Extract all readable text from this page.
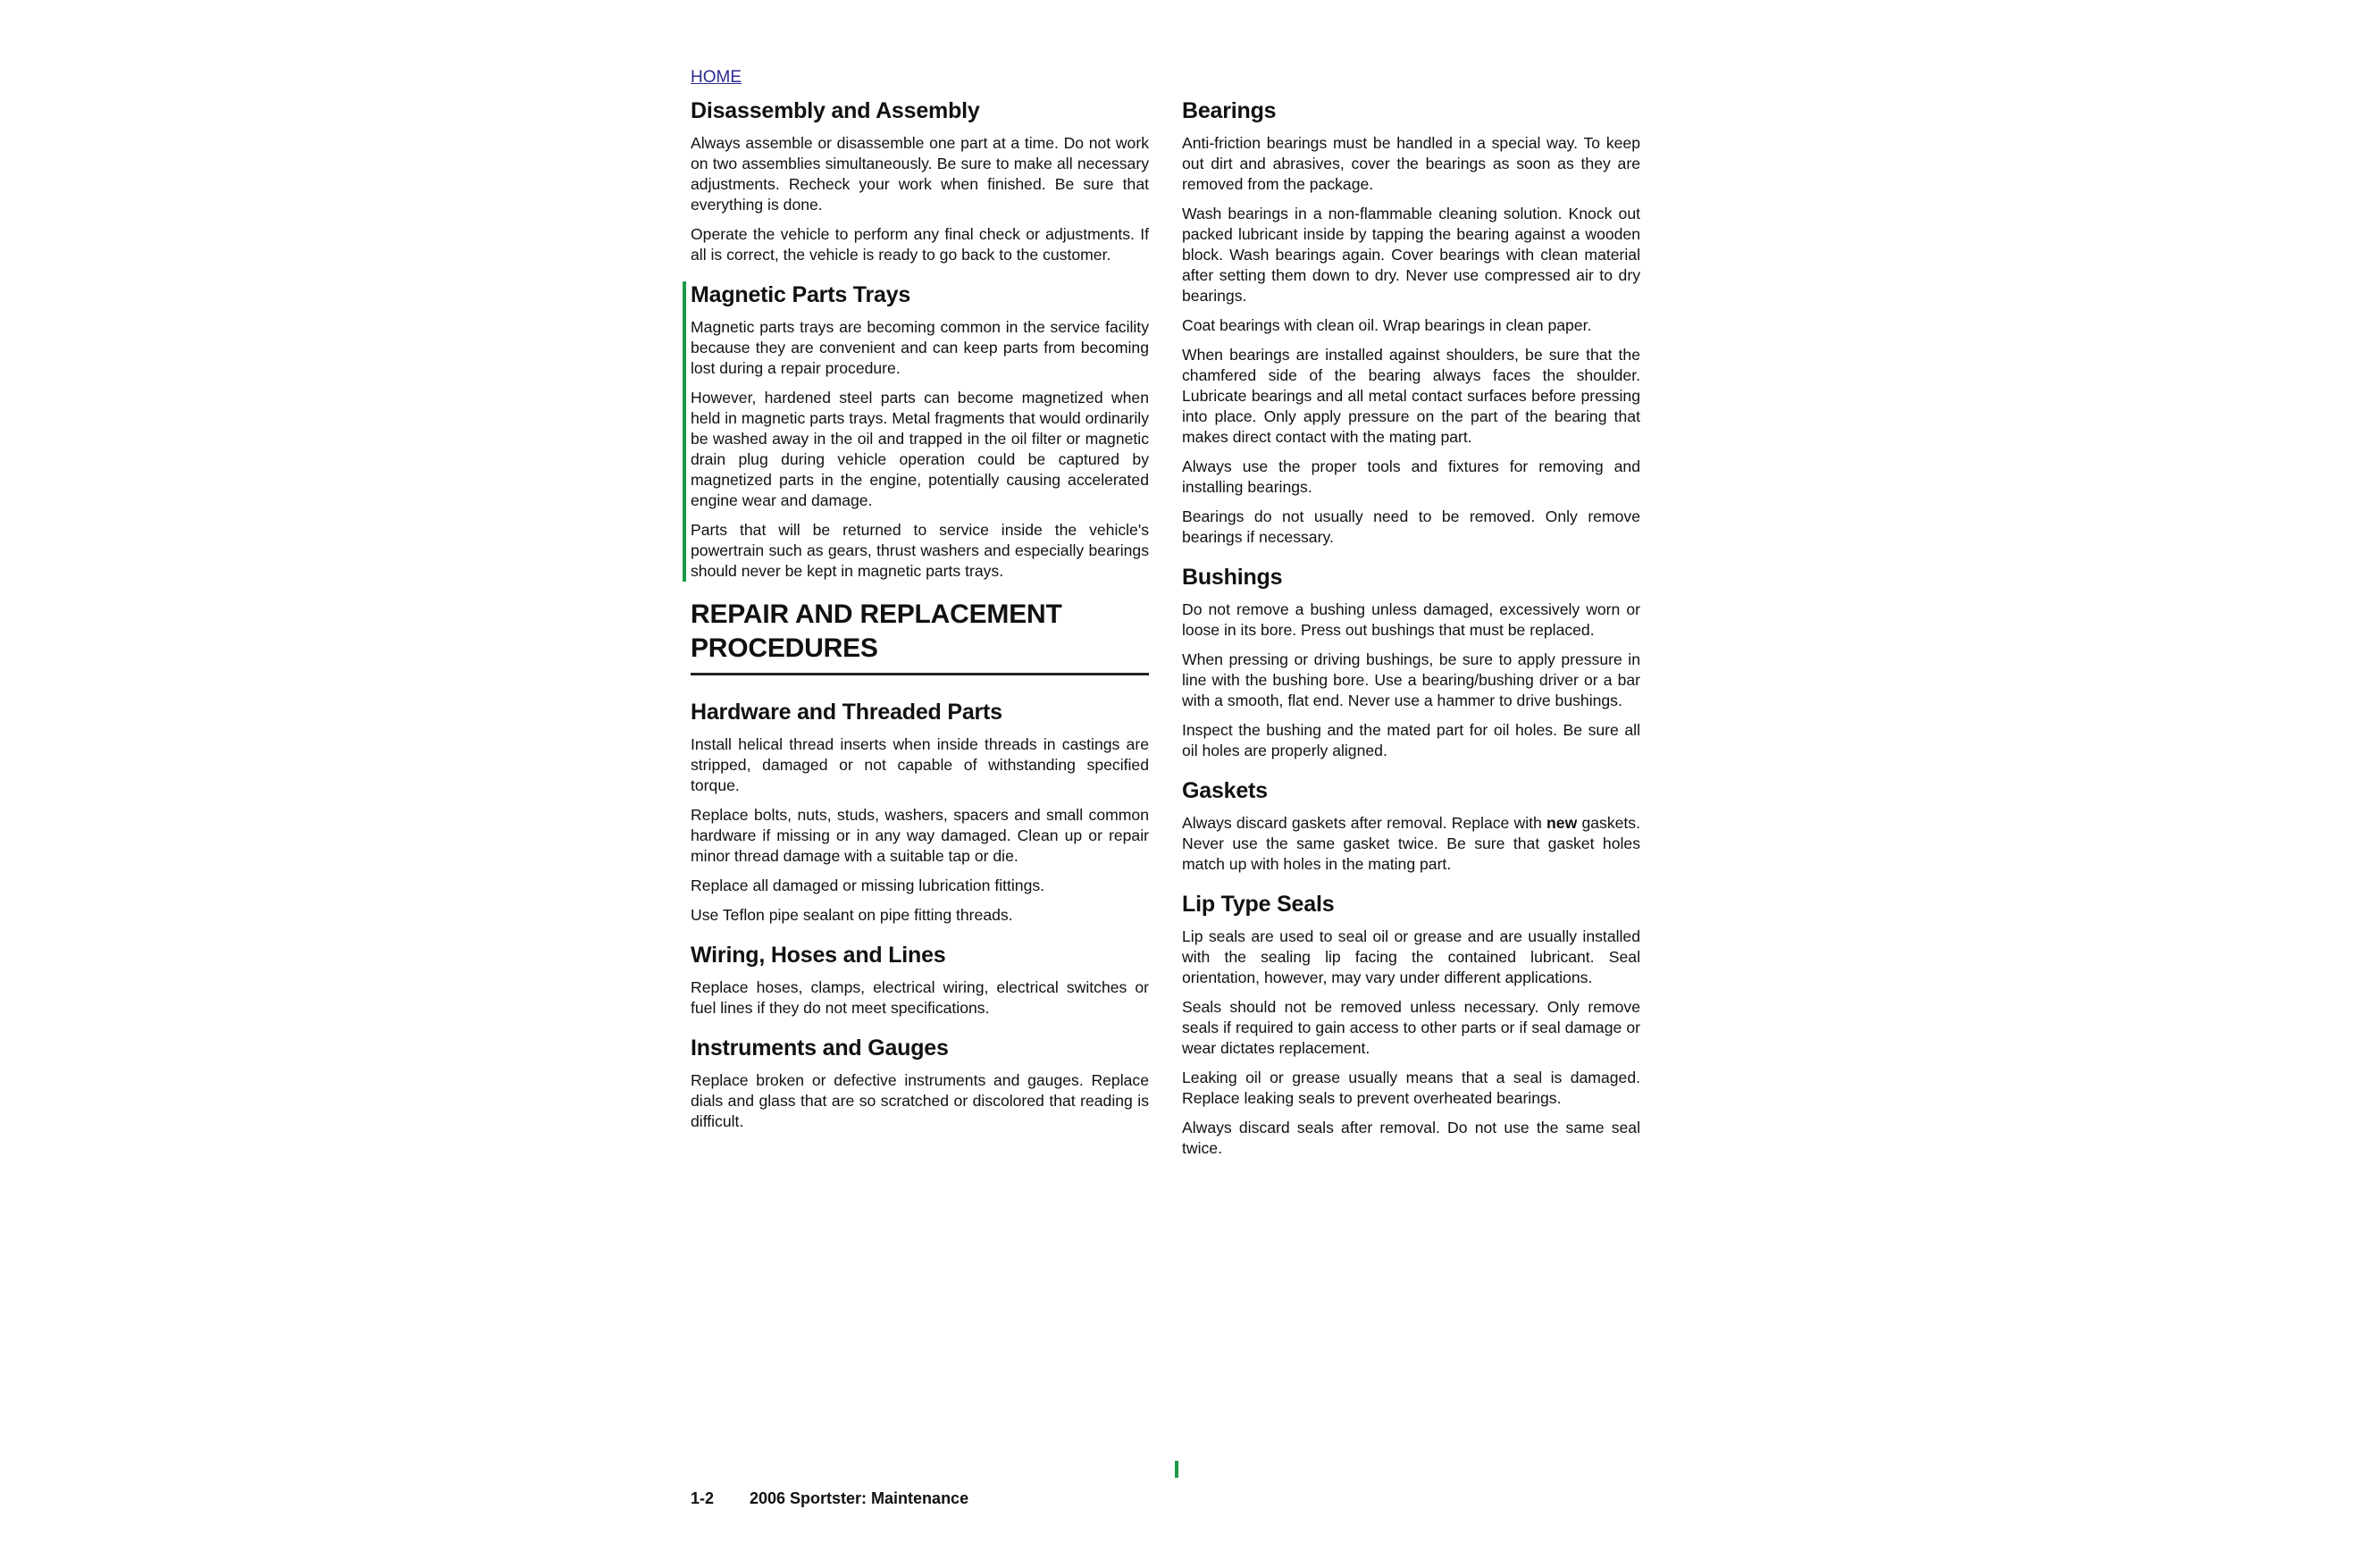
HOME
Disassembly and Assembly

Always assemble or disassemble one part at a time. Do not work on two assemblies simultaneously. Be sure to make all necessary adjustments. Recheck your work when finished. Be sure that everything is done.

Operate the vehicle to perform any final check or adjustments. If all is correct, the vehicle is ready to go back to the customer.

Magnetic Parts Trays

Magnetic parts trays are becoming common in the service facility because they are convenient and can keep parts from becoming lost during a repair procedure.

However, hardened steel parts can become magnetized when held in magnetic parts trays. Metal fragments that would ordinarily be washed away in the oil and trapped in the oil filter or magnetic drain plug during vehicle operation could be captured by magnetized parts in the engine, potentially causing accelerated engine wear and damage.

Parts that will be returned to service inside the vehicle's powertrain such as gears, thrust washers and especially bearings should never be kept in magnetic parts trays.

REPAIR AND REPLACEMENT
PROCEDURES
Hardware and Threaded Parts

Install helical thread inserts when inside threads in castings are stripped, damaged or not capable of withstanding specified torque.

Replace bolts, nuts, studs, washers, spacers and small common hardware if missing or in any way damaged. Clean up or repair minor thread damage with a suitable tap or die.

Replace all damaged or missing lubrication fittings.

Use Teflon pipe sealant on pipe fitting threads.

Wiring, Hoses and Lines

Replace hoses, clamps, electrical wiring, electrical switches or fuel lines if they do not meet specifications.

Instruments and Gauges

Replace broken or defective instruments and gauges. Replace dials and glass that are so scratched or discolored that reading is difficult.

Bearings

Anti-friction bearings must be handled in a special way. To keep out dirt and abrasives, cover the bearings as soon as they are removed from the package.

Wash bearings in a non-flammable cleaning solution. Knock out packed lubricant inside by tapping the bearing against a wooden block. Wash bearings again. Cover bearings with clean material after setting them down to dry. Never use compressed air to dry bearings.

Coat bearings with clean oil. Wrap bearings in clean paper.

When bearings are installed against shoulders, be sure that the chamfered side of the bearing always faces the shoulder. Lubricate bearings and all metal contact surfaces before pressing into place. Only apply pressure on the part of the bearing that makes direct contact with the mating part.

Always use the proper tools and fixtures for removing and installing bearings.

Bearings do not usually need to be removed. Only remove bearings if necessary.

Bushings

Do not remove a bushing unless damaged, excessively worn or loose in its bore. Press out bushings that must be replaced.

When pressing or driving bushings, be sure to apply pressure in line with the bushing bore. Use a bearing/bushing driver or a bar with a smooth, flat end. Never use a hammer to drive bushings.

Inspect the bushing and the mated part for oil holes. Be sure all oil holes are properly aligned.

Gaskets

Always discard gaskets after removal. Replace with new gaskets. Never use the same gasket twice. Be sure that gasket holes match up with holes in the mating part.

Lip Type Seals

Lip seals are used to seal oil or grease and are usually installed with the sealing lip facing the contained lubricant. Seal orientation, however, may vary under different applications.

Seals should not be removed unless necessary. Only remove seals if required to gain access to other parts or if seal damage or wear dictates replacement.

Leaking oil or grease usually means that a seal is damaged. Replace leaking seals to prevent overheated bearings.

Always discard seals after removal. Do not use the same seal twice.

1-2 2006 Sportster: Maintenance
